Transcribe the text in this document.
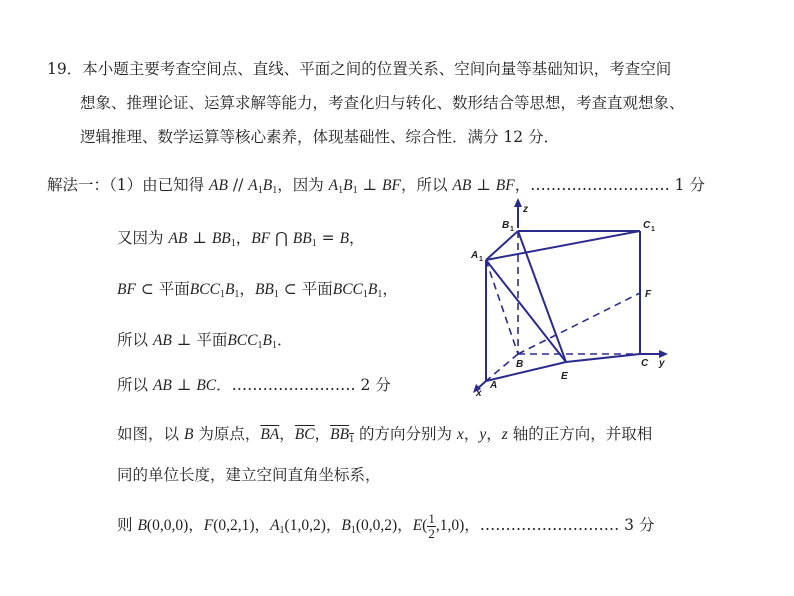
19．本小题主要考查空间点、直线、平面之间的位置关系、空间向量等基础知识，考查空间
想象、推理论证、运算求解等能力，考查化归与转化、数形结合等思想，考查直观想象、
逻辑推理、数学运算等核心素养，体现基础性、综合性．满分 12 分．
解法一：（1）由已知得 AB // $A_1B_1$，因为 $A_1B_1$ ⊥ BF，所以 AB ⊥ BF，……………………… 1 分
又因为 AB ⊥ $BB_1$，BF ⋂ $BB_1 = B$，
BF ⊂ 平面$BCC_1B_1$，$BB_1$ ⊂ 平面$BCC_1B_1$，
所以 AB ⊥ 平面$BCC_1B_1$．
所以 AB ⊥ BC．…………………… 2 分
如图，以 B 为原点，$\overline{BA}$，$\overline{BC}$，$BB_1$ 的方向分别为 x，y，z 轴的正方向，并取相
同的单位长度，建立空间直角坐标系，
则 B(0,0,0)，F(0,2,1)，$A_1(1,0,2)$，$B_1(0,0,2)$，$E( \frac{1}{2} ,1,0)$，……………………… 3 分
z
B 1	C 1
A 1
F
B	C y
E
A
x
